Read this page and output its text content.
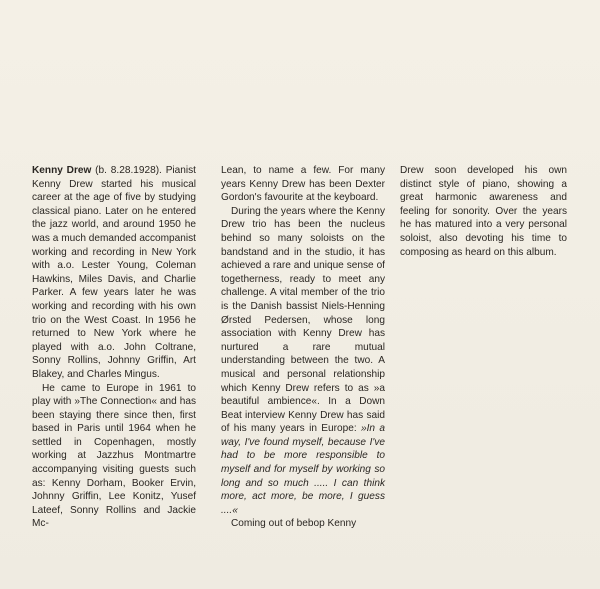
Kenny Drew (b. 8.28.1928). Pianist Kenny Drew started his musical career at the age of five by studying classical piano. Later on he entered the jazz world, and around 1950 he was a much demanded accompanist working and recording in New York with a.o. Lester Young, Coleman Hawkins, Miles Davis, and Charlie Parker. A few years later he was working and recording with his own trio on the West Coast. In 1956 he returned to New York where he played with a.o. John Coltrane, Sonny Rollins, Johnny Griffin, Art Blakey, and Charles Mingus.

He came to Europe in 1961 to play with »The Connection« and has been staying there since then, first based in Paris until 1964 when he settled in Copenhagen, mostly working at Jazzhus Montmartre accompanying visiting guests such as: Kenny Dorham, Booker Ervin, Johnny Griffin, Lee Konitz, Yusef Lateef, Sonny Rollins and Jackie Mc-

Lean, to name a few. For many years Kenny Drew has been Dexter Gordon's favourite at the keyboard.

During the years where the Kenny Drew trio has been the nucleus behind so many soloists on the bandstand and in the studio, it has achieved a rare and unique sense of togetherness, ready to meet any challenge. A vital member of the trio is the Danish bassist Niels-Henning Ørsted Pedersen, whose long association with Kenny Drew has nurtured a rare mutual understanding between the two. A musical and personal relationship which Kenny Drew refers to as »a beautiful ambience«. In a Down Beat interview Kenny Drew has said of his many years in Europe: »In a way, I've found myself, because I've had to be more responsible to myself and for myself by working so long and so much ..... I can think more, act more, be more, I guess ....«

Coming out of bebop Kenny

Drew soon developed his own distinct style of piano, showing a great harmonic awareness and feeling for sonority. Over the years he has matured into a very personal soloist, also devoting his time to composing as heard on this album.
